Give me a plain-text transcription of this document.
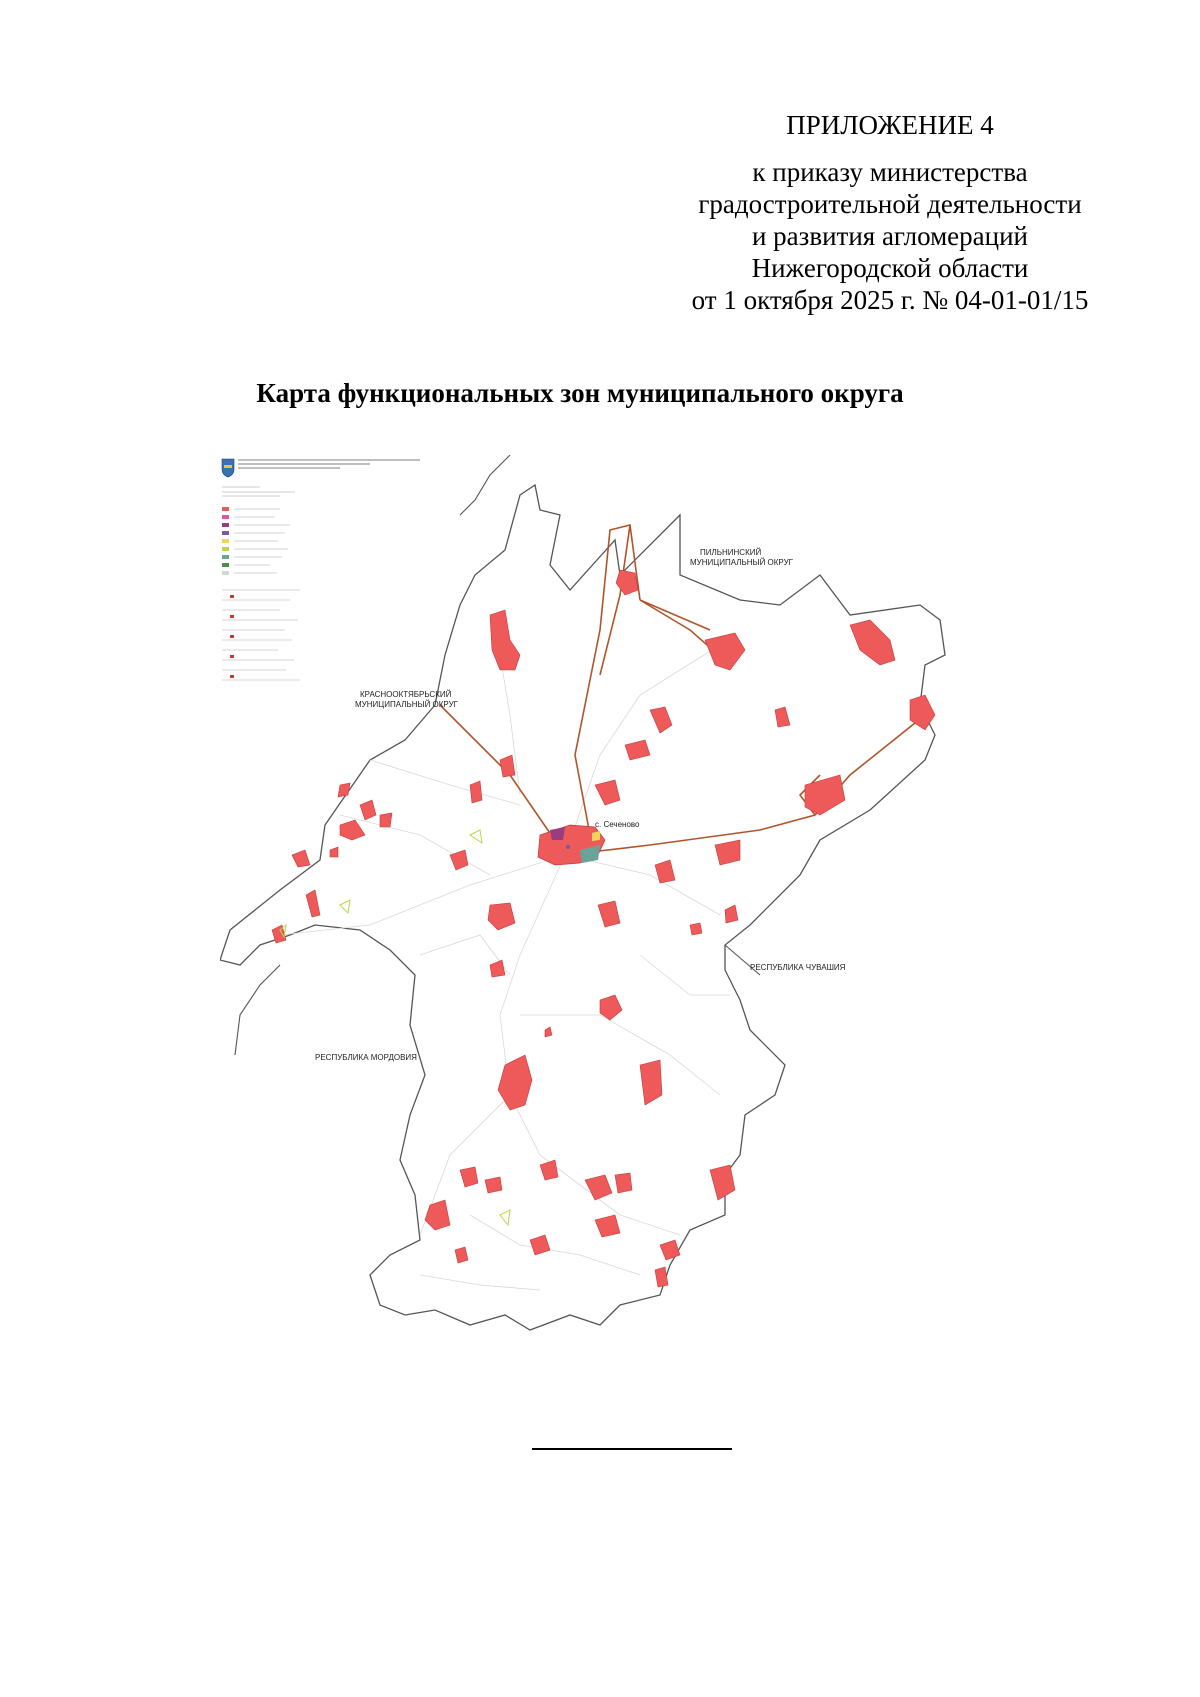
ПРИЛОЖЕНИЕ 4
к приказу министерства
градостроительной деятельности
и развития агломераций
Нижегородской области
от 1 октября 2025 г. № 04-01-01/15
Карта функциональных зон муниципального округа
с. Сеченово
ПИЛЬНИНСКИЙ
МУНИЦИПАЛЬНЫЙ ОКРУГ
КРАСНООКТЯБРЬСКИЙ
МУНИЦИПАЛЬНЫЙ ОКРУГ
РЕСПУБЛИКА ЧУВАШИЯ
РЕСПУБЛИКА МОРДОВИЯ
